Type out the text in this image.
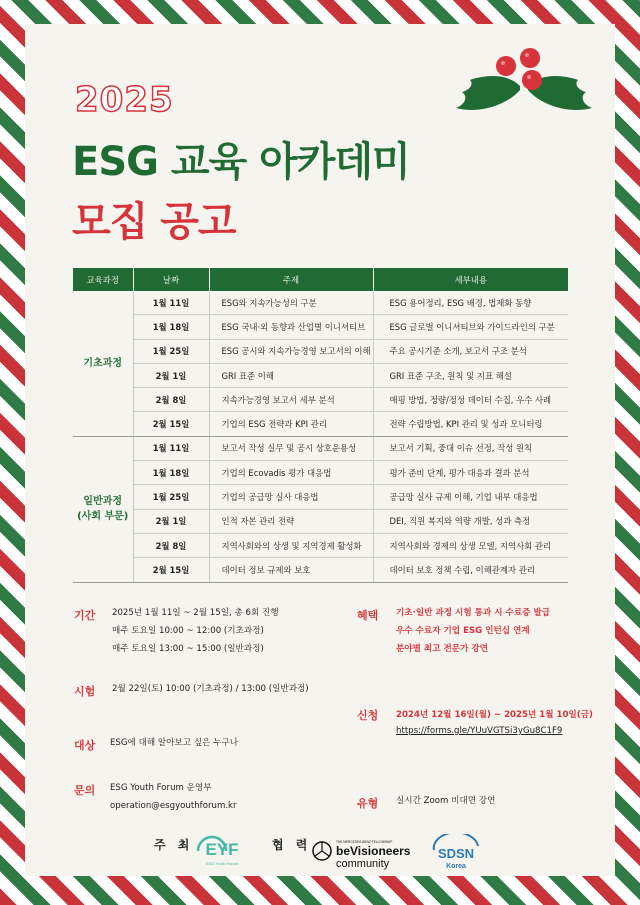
2025
ESG 교육 아카데미
모집 공고
교육과정	날짜	주제	세부내용
기초과정	1월 11일	ESG와 지속가능성의 구분	ESG 용어정리, ESG 배경, 법제화 동향
	1월 18일	ESG 국내·외 동향과 산업별 이니셔티브	ESG 글로벌 이니셔티브와 가이드라인의 구분
	1월 25일	ESG 공시와 지속가능경영 보고서의 이해	주요 공시기준 소개, 보고서 구조 분석
	2월 1일	GRI 표준 이해	GRI 표준 구조, 원칙 및 지표 해설
	2월 8일	지속가능경영 보고서 세부 분석	매핑 방법, 정량/정성 데이터 수집, 우수 사례
	2월 15일	기업의 ESG 전략과 KPI 관리	전략 수립방법, KPI 관리 및 성과 모니터링
일반과정
(사회 부문)	1월 11일	보고서 작성 실무 및 공시 상호운용성	보고서 기획, 중대 이슈 선정, 작성 원칙
	1월 18일	기업의 Ecovadis 평가 대응법	평가 준비 단계, 평가 대응과 결과 분석
	1월 25일	기업의 공급망 실사 대응법	공급망 실사 규제 이해, 기업 내부 대응법
	2월 1일	인적 자본 관리 전략	DEI, 직원 복지와 역량 개발, 성과 측정
	2월 8일	지역사회와의 상생 및 지역경제 활성화	지역사회와 경제의 상생 모델, 지역사회 관리
	2월 15일	데이터 정보 규제와 보호	데이터 보호 정책 수립, 이해관계자 관리
기간 2025년 1월 11일 ~ 2월 15일, 총 6회 진행
매주 토요일 10:00 ~ 12:00 (기초과정)
매주 토요일 13:00 ~ 15:00 (일반과정)
시험 2월 22일(토) 10:00 (기초과정) / 13:00 (일반과정)
대상 ESG에 대해 알아보고 싶은 누구나
문의 ESG Youth Forum 운영부
operation@esgyouthforum.kr
혜택 기초·일반 과정 시험 통과 시 수료증 발급
우수 수료자 기업 ESG 인턴십 연계
분야별 최고 전문가 강연
신청 2024년 12월 16일(월) ~ 2025년 1월 10일(금)
https://forms.gle/YUuVGTSi3yGu8C1F9
유형 실시간 Zoom 비대면 강연
주 최 EYF
ESG Youth Forum
협 력	THE MERCEDES-BENZ FELLOWSHIP
beVisioneers
community
SDSN
Korea
